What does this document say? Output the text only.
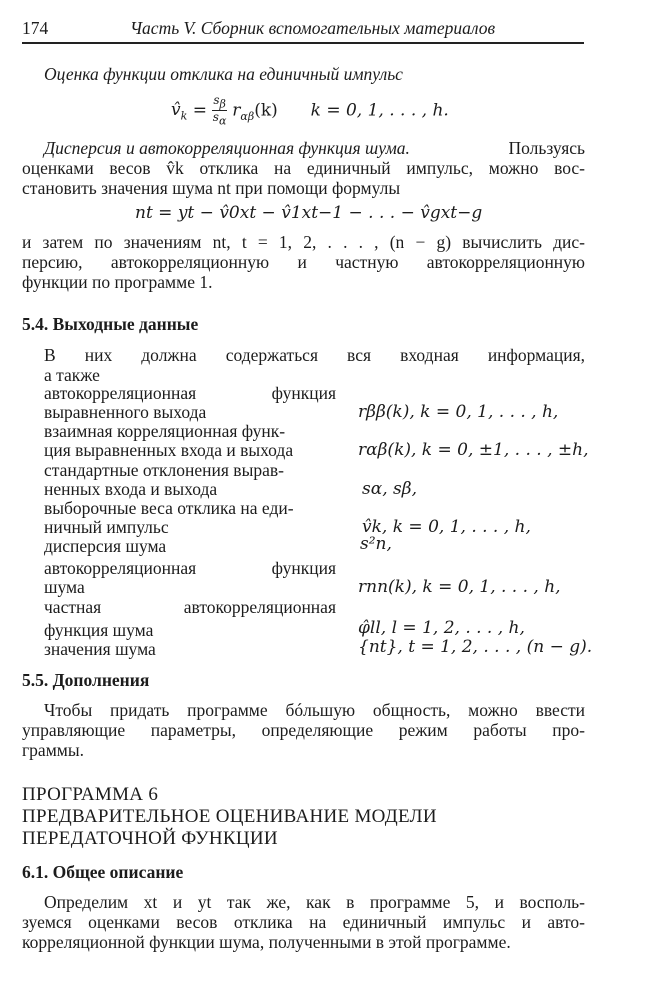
174	Часть V. Сборник вспомогательных материалов
Оценка функции отклика на единичный импульс
$v̂_k = \frac{s_\beta}{s_\alpha} r_{\alpha\beta}(k) k = 0$, 1, . . . , h.
Дисперсия и автокорреляционная функция шума.	Пользуясь
оценками весов v̂k отклика на единичный импульс, можно вос-
становить значения шума nt при помощи формулы
nt = yt − v̂0xt − v̂1xt−1 − . . . − v̂gxt−g
и затем по значениям nt, t = 1, 2, . . . , (n − g) вычислить дис-
персию, автокорреляционную и частную автокорреляционную
функции по программе 1.
5.4. Выходные данные
В них должна содержаться вся входная информация,
а также
автокорреляционная функция
выравненного выхода	rββ(k), k = 0, 1, . . . , h,
взаимная корреляционная функ-
ция выравненных входа и выхода	rαβ(k), k = 0, ±1, . . . , ±h,
стандартные отклонения вырав-
ненных входа и выхода	sα, sβ,
выборочные веса отклика на еди-
ничный импульс	v̂k, k = 0, 1, . . . , h,
дисперсия шума	s²n,
автокорреляционная функция
шума	rnn(k), k = 0, 1, . . . , h,
частная автокорреляционная
функция шума	φ̂ll, l = 1, 2, . . . , h,
значения шума	{nt}, t = 1, 2, . . . , (n − g).
5.5. Дополнения
Чтобы придать программе бóльшую общность, можно ввести
управляющие параметры, определяющие режим работы про-
граммы.
ПРОГРАММА 6
ПРЕДВАРИТЕЛЬНОЕ ОЦЕНИВАНИЕ МОДЕЛИ
ПЕРЕДАТОЧНОЙ ФУНКЦИИ
6.1. Общее описание
Определим xt и yt так же, как в программе 5, и восполь-
зуемся оценками весов отклика на единичный импульс и авто-
корреляционной функции шума, полученными в этой программе.
